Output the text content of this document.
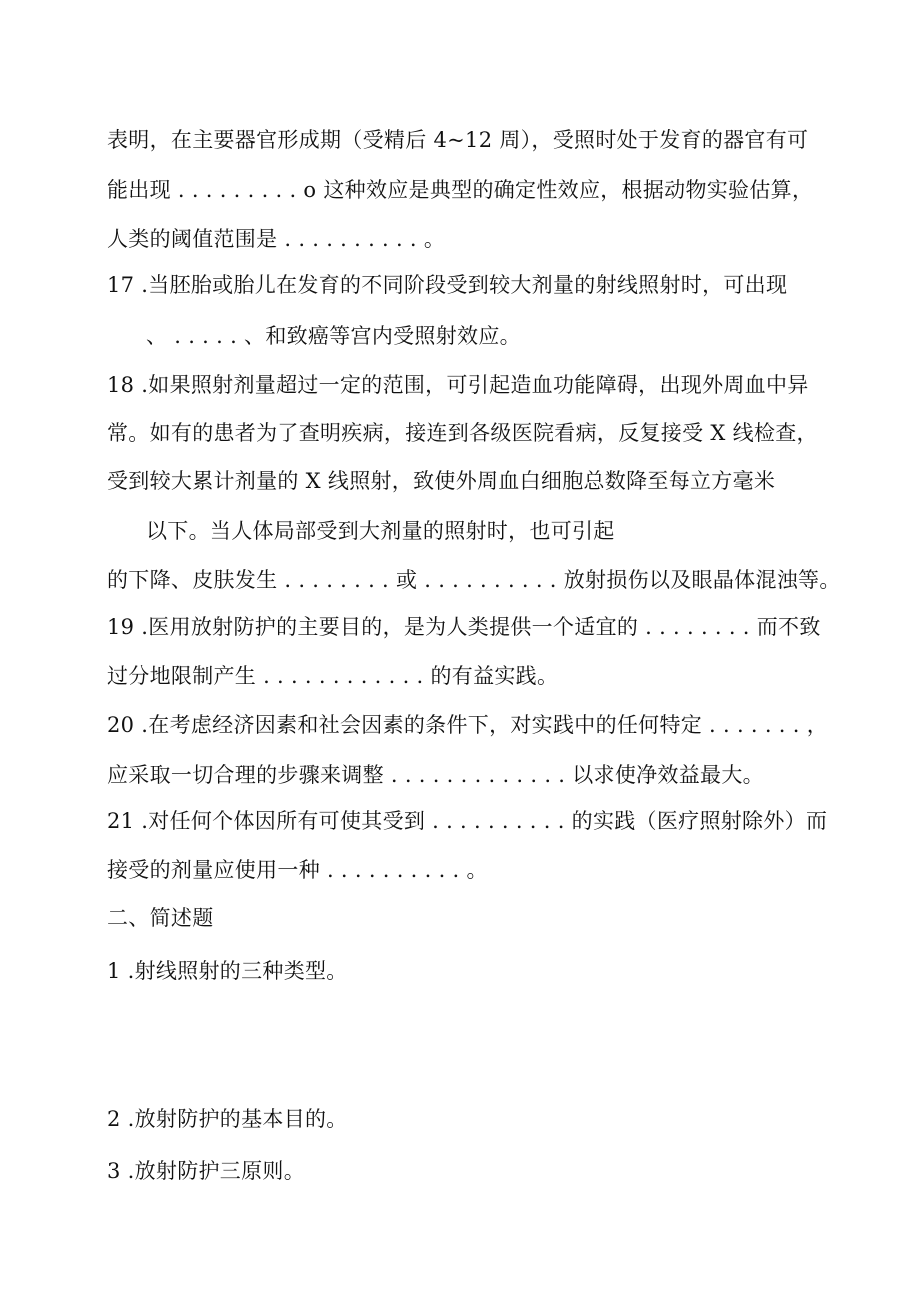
表明，在主要器官形成期（受精后 4~12 周），受照时处于发育的器官有可
能出现 . . . . . . . . . o 这种效应是典型的确定性效应，根据动物实验估算，
人类的阈值范围是 . . . . . . . . . . 。
17 .当胚胎或胎儿在发育的不同阶段受到较大剂量的射线照射时，可出现
、 . . . . . 、和致癌等宫内受照射效应。
18 .如果照射剂量超过一定的范围，可引起造血功能障碍，出现外周血中异
常。如有的患者为了查明疾病，接连到各级医院看病，反复接受 X 线检查，
受到较大累计剂量的 X 线照射，致使外周血白细胞总数降至每立方毫米
以下。当人体局部受到大剂量的照射时，也可引起
的下降、皮肤发生 . . . . . . . . 或 . . . . . . . . . . 放射损伤以及眼晶体混浊等。
19 .医用放射防护的主要目的，是为人类提供一个适宜的 . . . . . . . . 而不致
过分地限制产生 . . . . . . . . . . . . 的有益实践。
20 .在考虑经济因素和社会因素的条件下，对实践中的任何特定 . . . . . . . ，
应采取一切合理的步骤来调整 . . . . . . . . . . . . . 以求使净效益最大。
21 .对任何个体因所有可使其受到 . . . . . . . . . . 的实践（医疗照射除外）而
接受的剂量应使用一种 . . . . . . . . . . 。
二、简述题
1 .射线照射的三种类型。
2 .放射防护的基本目的。
3 .放射防护三原则。
